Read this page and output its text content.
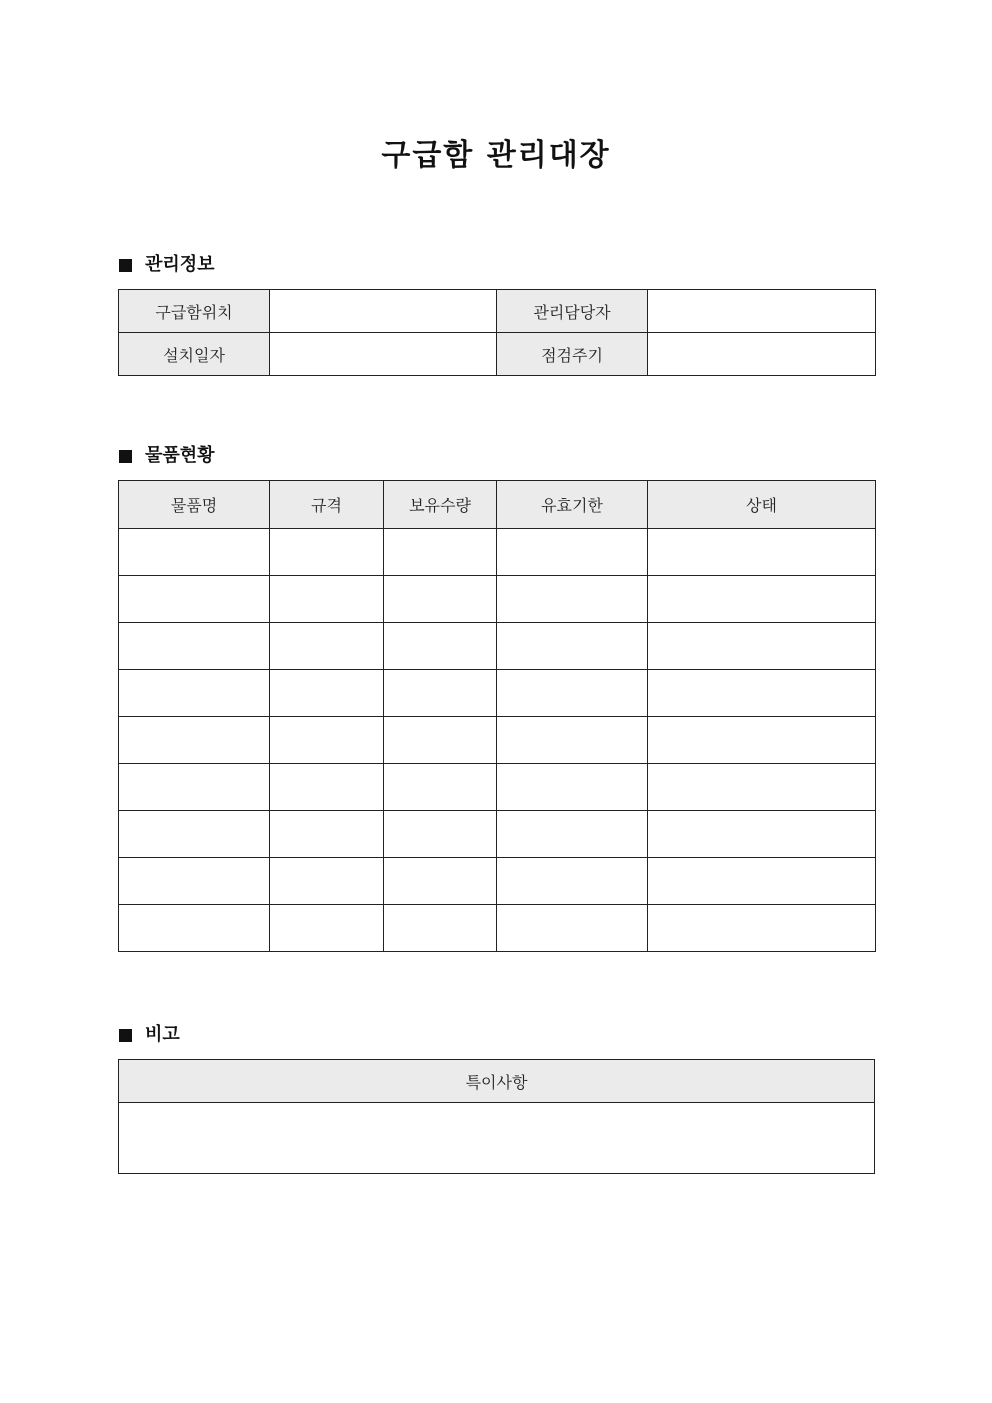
구급함 관리대장
관리정보
구급함위치		관리담당자	
설치일자		점검주기	
물품현황
물품명	규격	보유수량	유효기한	상태

비고
특이사항
